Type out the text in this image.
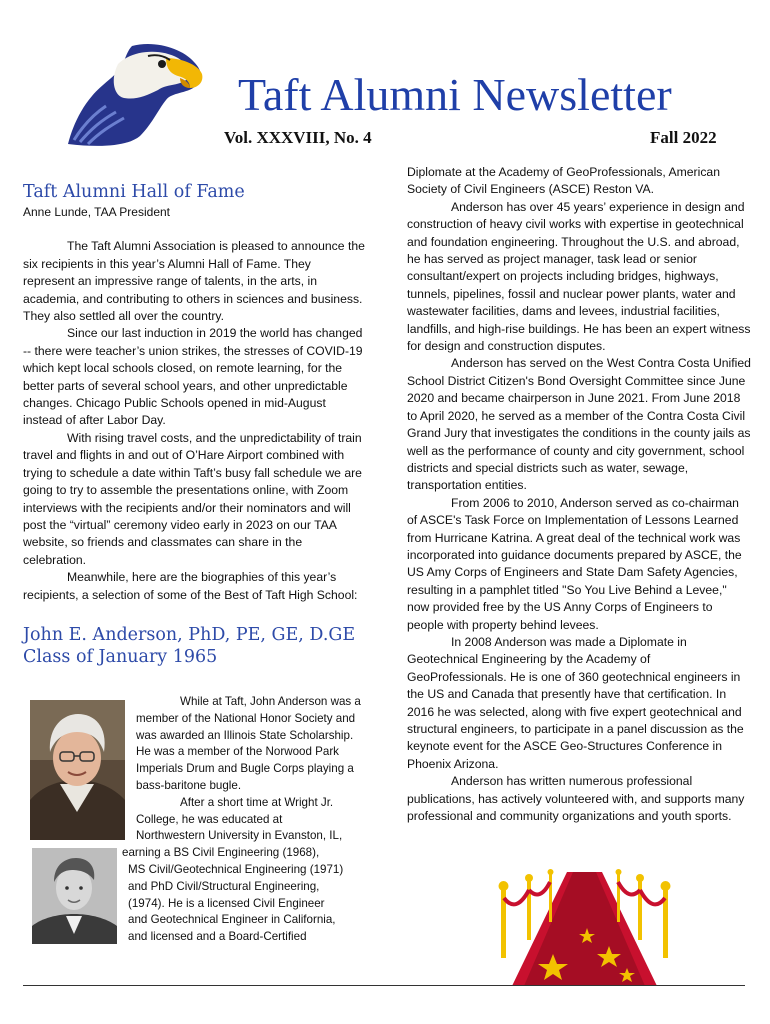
Taft Alumni Newsletter
Vol. XXXVIII, No. 4	Fall 2022
Taft Alumni Hall of Fame
Anne Lunde, TAA President

The Taft Alumni Association is pleased to announce the six recipients in this year’s Alumni Hall of Fame. They represent an impressive range of talents, in the arts, in academia, and contributing to others in sciences and business. They also settled all over the country.

Since our last induction in 2019 the world has changed -- there were teacher’s union strikes, the stresses of COVID-19 which kept local schools closed, on remote learning, for the better parts of several school years, and other unpredictable changes. Chicago Public Schools opened in mid-August instead of after Labor Day.

With rising travel costs, and the unpredictability of train travel and flights in and out of O’Hare Airport combined with trying to schedule a date within Taft’s busy fall schedule we are going to try to assemble the presentations online, with Zoom interviews with the recipients and/or their nominators and will post the “virtual” ceremony video early in 2023 on our TAA website, so friends and classmates can share in the celebration.

Meanwhile, here are the biographies of this year’s recipients, a selection of some of the Best of Taft High School:

John E. Anderson, PhD, PE, GE, D.GE
Class of January 1965
While at Taft, John Anderson was a
member of the National Honor Society and
was awarded an Illinois State Scholarship.
He was a member of the Norwood Park
Imperials Drum and Bugle Corps playing a
bass-baritone bugle.
After a short time at Wright Jr.
College, he was educated at
Northwestern University in Evanston, IL,
earning a BS Civil Engineering (1968),
MS Civil/Geotechnical Engineering (1971)
and PhD Civil/Structural Engineering,
(1974). He is a licensed Civil Engineer
and Geotechnical Engineer in California,
and licensed and a Board-Certified

Diplomate at the Academy of GeoProfessionals, American Society of Civil Engineers (ASCE) Reston VA.

Anderson has over 45 years’ experience in design and construction of heavy civil works with expertise in geotechnical and foundation engineering. Throughout the U.S. and abroad, he has served as project manager, task lead or senior consultant/expert on projects including bridges, highways, tunnels, pipelines, fossil and nuclear power plants, water and wastewater facilities, dams and levees, industrial facilities, landfills, and high-rise buildings. He has been an expert witness for design and construction disputes.

Anderson has served on the West Contra Costa Unified School District Citizen's Bond Oversight Committee since June 2020 and became chairperson in June 2021. From June 2018 to April 2020, he served as a member of the Contra Costa Civil Grand Jury that investigates the conditions in the county jails as well as the performance of county and city government, school districts and special districts such as water, sewage, transportation entities.

From 2006 to 2010, Anderson served as co-chairman of ASCE's Task Force on Implementation of Lessons Learned from Hurricane Katrina. A great deal of the technical work was incorporated into guidance documents prepared by ASCE, the US Amy Corps of Engineers and State Dam Safety Agencies, resulting in a pamphlet titled "So You Live Behind a Levee," now provided free by the US Anny Corps of Engineers to people with property behind levees.

In 2008 Anderson was made a Diplomate in Geotechnical Engineering by the Academy of GeoProfessionals. He is one of 360 geotechnical engineers in the US and Canada that presently have that certification. In 2016 he was selected, along with five expert geotechnical and structural engineers, to participate in a panel discussion as the keynote event for the ASCE Geo-Structures Conference in Phoenix Arizona.

Anderson has written numerous professional publications, has actively volunteered with, and supports many professional and community organizations and youth sports.
